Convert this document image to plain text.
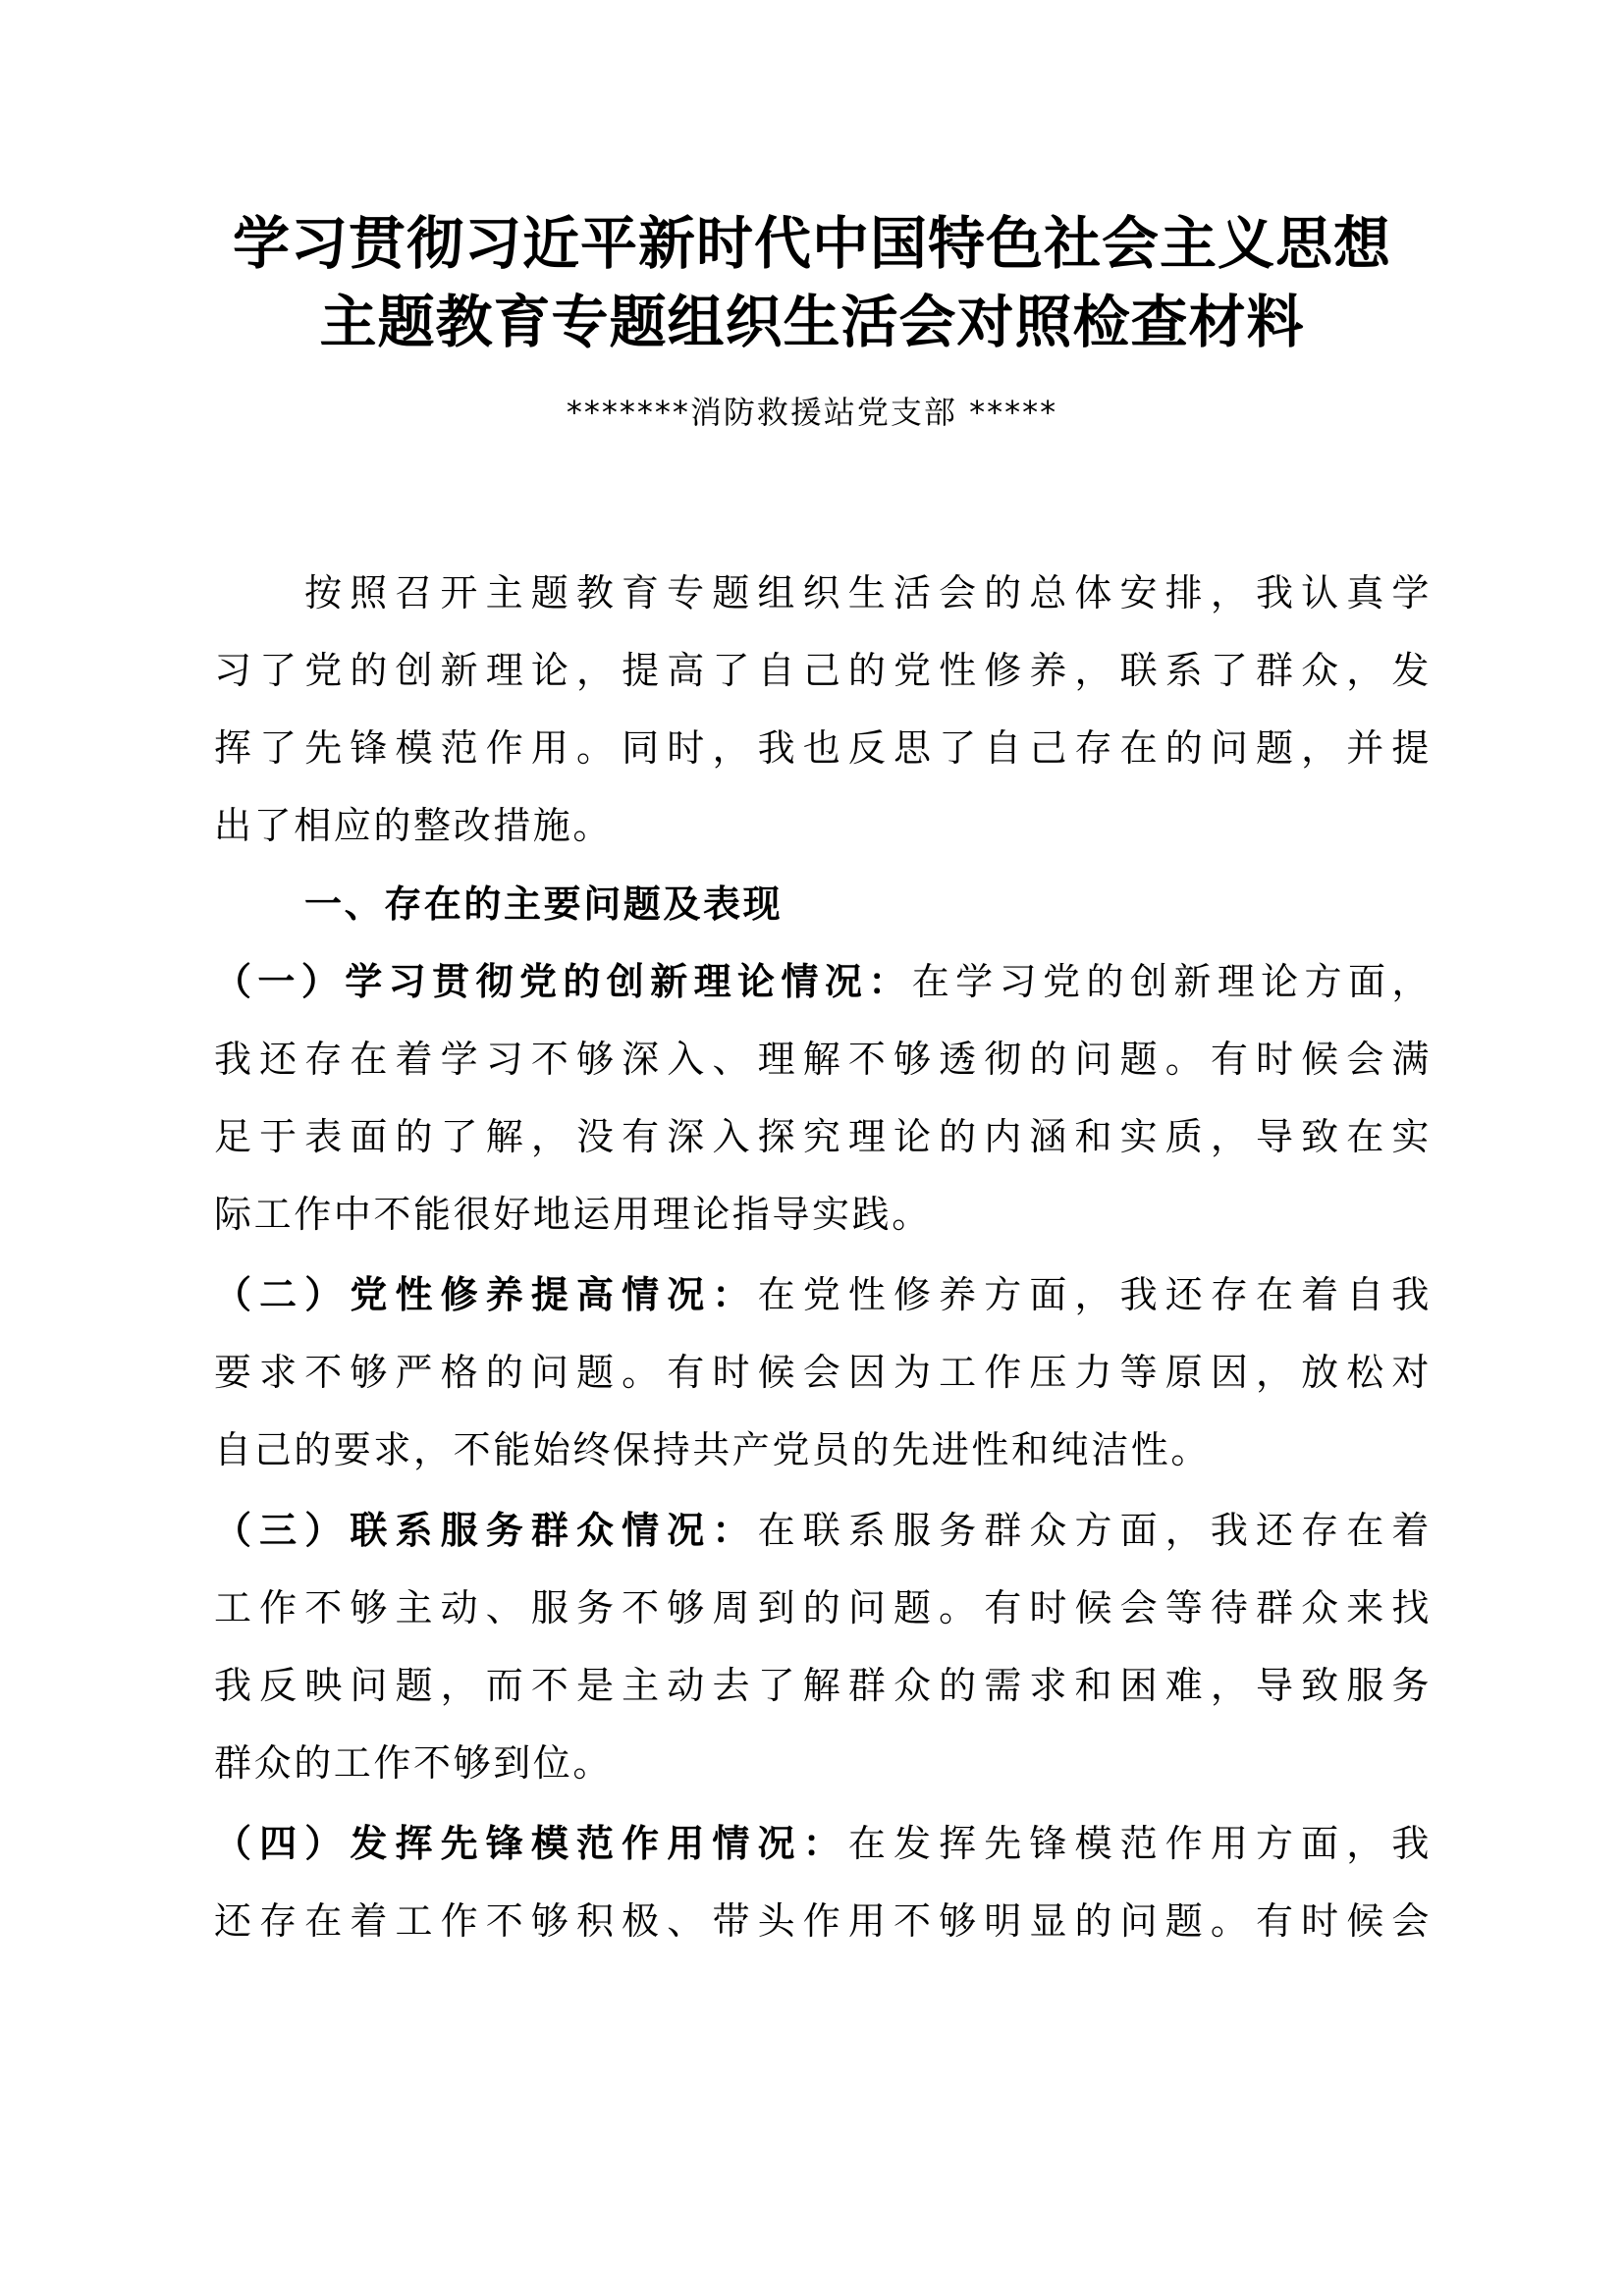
学习贯彻习近平新时代中国特色社会主义思想
主题教育专题组织生活会对照检查材料
*******消防救援站党支部 *****
按照召开主题教育专题组织生活会的总体安排，我认真学
习了党的创新理论，提高了自己的党性修养，联系了群众，发
挥了先锋模范作用。同时，我也反思了自己存在的问题，并提
出了相应的整改措施。
一、存在的主要问题及表现
（一）学习贯彻党的创新理论情况：在学习党的创新理论方面，
我还存在着学习不够深入、理解不够透彻的问题。有时候会满
足于表面的了解，没有深入探究理论的内涵和实质，导致在实
际工作中不能很好地运用理论指导实践。
（二）党性修养提高情况：在党性修养方面，我还存在着自我
要求不够严格的问题。有时候会因为工作压力等原因，放松对
自己的要求，不能始终保持共产党员的先进性和纯洁性。
（三）联系服务群众情况：在联系服务群众方面，我还存在着
工作不够主动、服务不够周到的问题。有时候会等待群众来找
我反映问题，而不是主动去了解群众的需求和困难，导致服务
群众的工作不够到位。
（四）发挥先锋模范作用情况：在发挥先锋模范作用方面，我
还存在着工作不够积极、带头作用不够明显的问题。有时候会
